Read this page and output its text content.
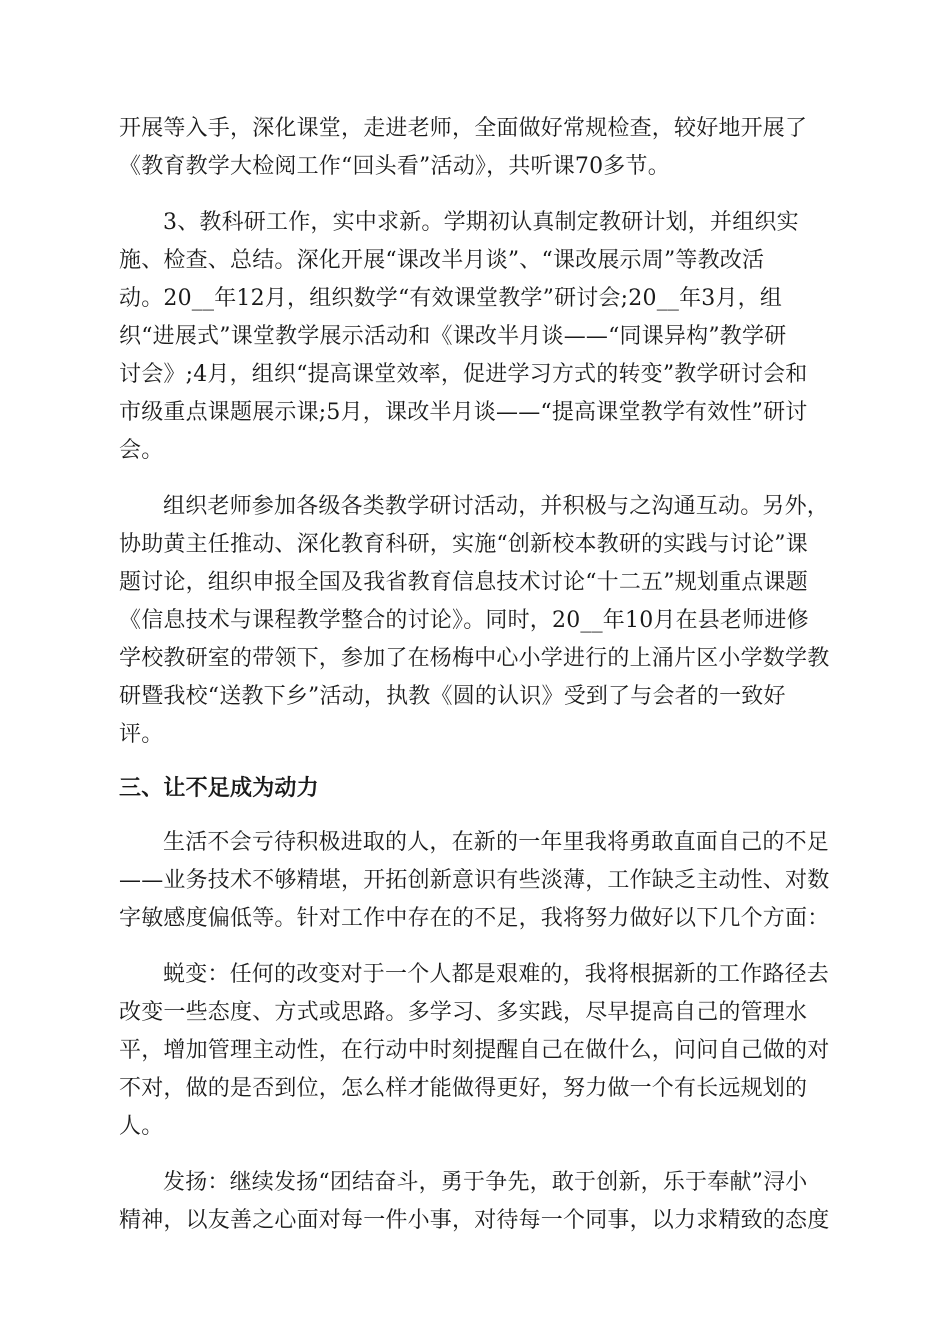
开展等入手，深化课堂，走进老师，全面做好常规检查，较好地开展了
《教育教学大检阅工作“回头看”活动》，共听课70多节。
3、教科研工作，实中求新。学期初认真制定教研计划，并组织实
施、检查、总结。深化开展“课改半月谈”、“课改展示周”等教改活
动。20__年12月，组织数学“有效课堂教学”研讨会;20__年3月，组
织“进展式”课堂教学展示活动和《课改半月谈——“同课异构”教学研
讨会》;4月，组织“提高课堂效率，促进学习方式的转变”教学研讨会和
市级重点课题展示课;5月，课改半月谈——“提高课堂教学有效性”研讨
会。
组织老师参加各级各类教学研讨活动，并积极与之沟通互动。另外，
协助黄主任推动、深化教育科研，实施“创新校本教研的实践与讨论”课
题讨论，组织申报全国及我省教育信息技术讨论“十二五”规划重点课题
《信息技术与课程教学整合的讨论》。同时，20__年10月在县老师进修
学校教研室的带领下，参加了在杨梅中心小学进行的上涌片区小学数学教
研暨我校“送教下乡”活动，执教《圆的认识》受到了与会者的一致好
评。
三、让不足成为动力
生活不会亏待积极进取的人，在新的一年里我将勇敢直面自己的不足
——业务技术不够精堪，开拓创新意识有些淡薄，工作缺乏主动性、对数
字敏感度偏低等。针对工作中存在的不足，我将努力做好以下几个方面：
蜕变：任何的改变对于一个人都是艰难的，我将根据新的工作路径去
改变一些态度、方式或思路。多学习、多实践，尽早提高自己的管理水
平，增加管理主动性，在行动中时刻提醒自己在做什么，问问自己做的对
不对，做的是否到位，怎么样才能做得更好，努力做一个有长远规划的
人。
发扬：继续发扬“团结奋斗，勇于争先，敢于创新，乐于奉献”浔小
精神，以友善之心面对每一件小事，对待每一个同事，以力求精致的态度
